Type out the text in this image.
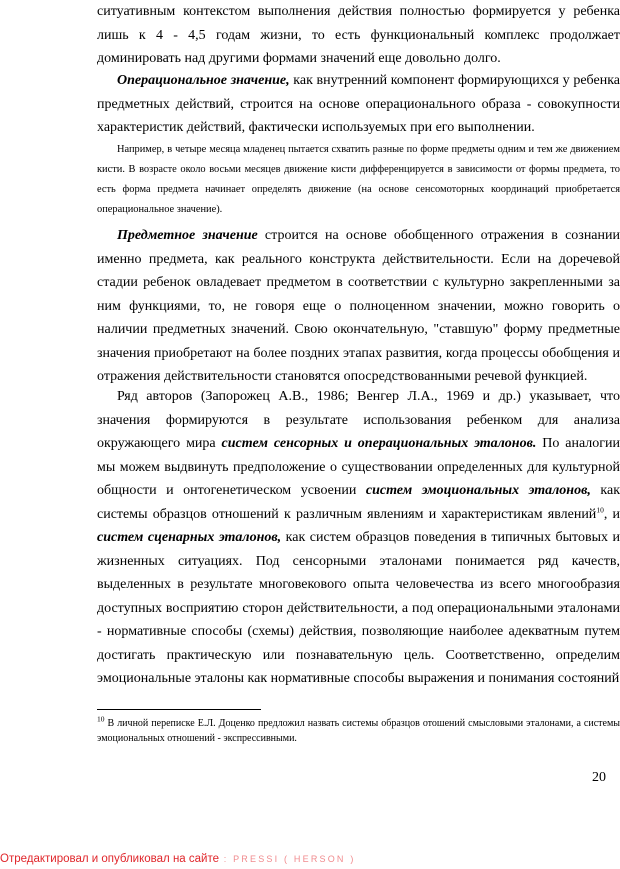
ситуативным контекстом выполнения действия полностью формируется у ребенка лишь к 4 - 4,5 годам жизни, то есть функциональный комплекс продолжает доминировать над другими формами значений еще довольно долго.

Операциональное значение, как внутренний компонент формирующихся у ребенка предметных действий, строится на основе операционального образа - совокупности характеристик действий, фактически используемых при его выполнении.

Например, в четыре месяца младенец пытается схватить разные по форме предметы одним и тем же движением кисти. В возрасте около восьми месяцев движение кисти дифференцируется в зависимости от формы предмета, то есть форма предмета начинает определять движение (на основе сенсомоторных координаций приобретается операциональное значение).

Предметное значение строится на основе обобщенного отражения в сознании именно предмета, как реального конструкта действительности. Если на доречевой стадии ребенок овладевает предметом в соответствии с культурно закрепленными за ним функциями, то, не говоря еще о полноценном значении, можно говорить о наличии предметных значений. Свою окончательную, "ставшую" форму предметные значения приобретают на более поздних этапах развития, когда процессы обобщения и отражения действительности становятся опосредствованными речевой функцией.

Ряд авторов (Запорожец А.В., 1986; Венгер Л.А., 1969 и др.) указывает, что значения формируются в результате использования ребенком для анализа окружающего мира систем сенсорных и операциональных эталонов. По аналогии мы можем выдвинуть предположение о существовании определенных для культурной общности и онтогенетическом усвоении систем эмоциональных эталонов, как системы образцов отношений к различным явлениям и характеристикам явлений$^{10}$, и систем сценарных эталонов, как систем образцов поведения в типичных бытовых и жизненных ситуациях. Под сенсорными эталонами понимается ряд качеств, выделенных в результате многовекового опыта человечества из всего многообразия доступных восприятию сторон действительности, а под операциональными эталонами - нормативные способы (схемы) действия, позволяющие наиболее адекватным путем достигать практическую или познавательную цель. Соответственно, определим эмоциональные эталоны как нормативные способы выражения и понимания состояний

$^{10}$ В личной переписке Е.Л. Доценко предложил назвать системы образцов отошений смысловыми эталонами, а системы эмоциональных отношений - экспрессивными.

20
Отредактировал и опубликовал на сайте : PRESSI ( HERSON )
